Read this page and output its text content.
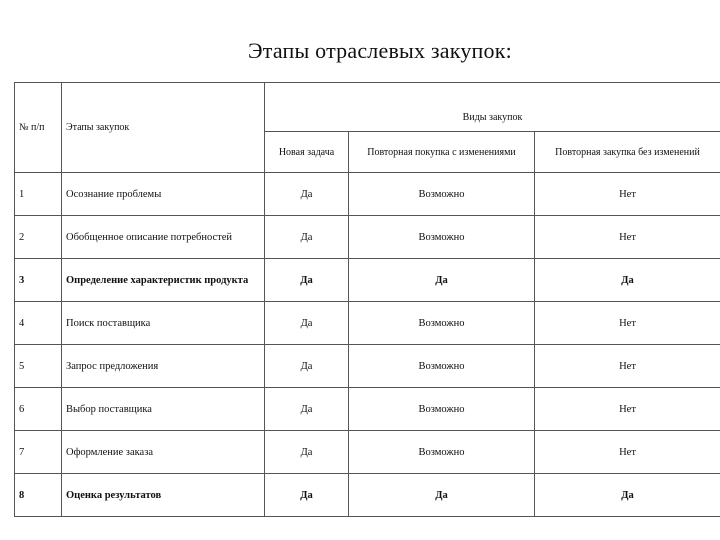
Этапы отраслевых закупок:
№ п/п	Этапы закупок	Виды закупок		
		Новая задача	Повторная покупка с изменениями	Повторная закупка без изменений
1	Осознание проблемы	Да	Возможно	Нет
2	Обобщенное описание потребностей	Да	Возможно	Нет
3	Определение характеристик продукта	Да	Да	Да
4	Поиск поставщика	Да	Возможно	Нет
5	Запрос предложения	Да	Возможно	Нет
6	Выбор поставщика	Да	Возможно	Нет
7	Оформление заказа	Да	Возможно	Нет
8	Оценка результатов	Да	Да	Да
